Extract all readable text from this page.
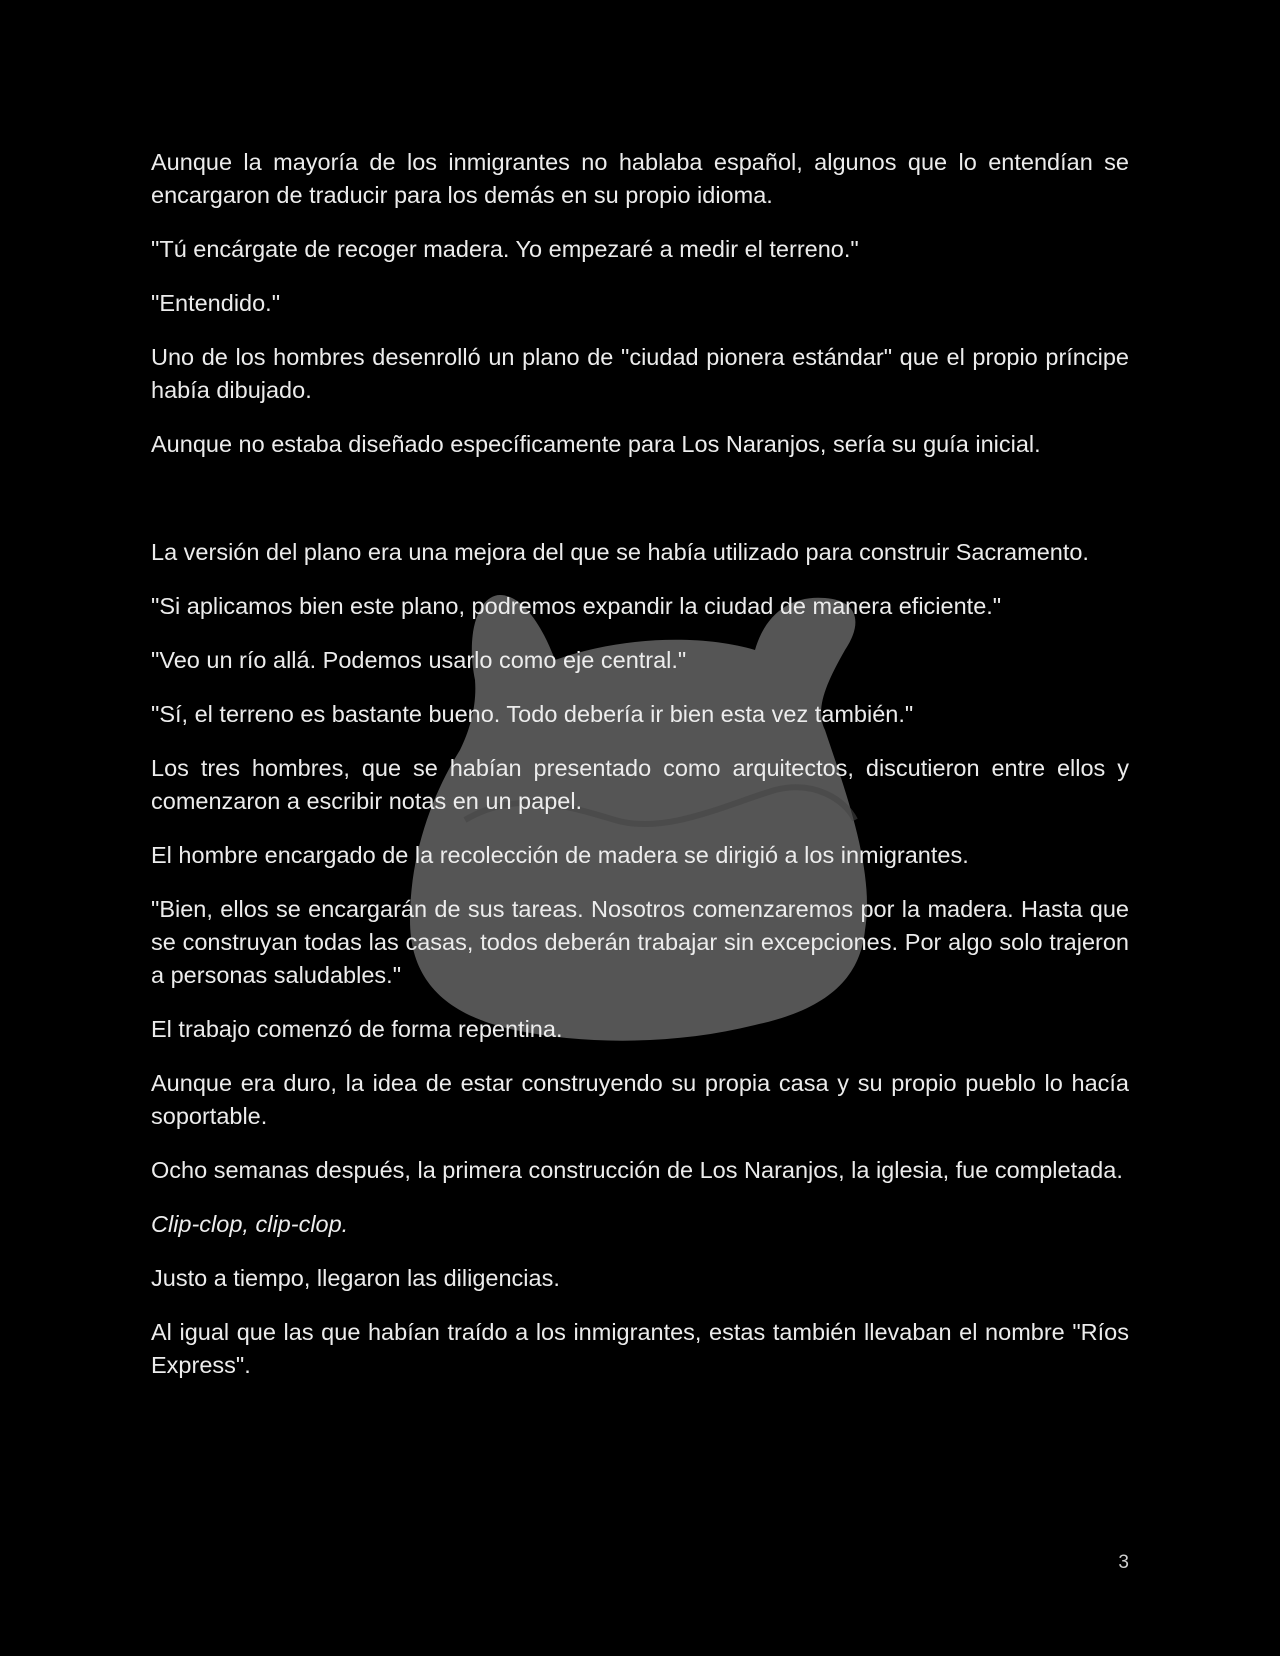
Aunque la mayoría de los inmigrantes no hablaba español, algunos que lo entendían se encargaron de traducir para los demás en su propio idioma.

"Tú encárgate de recoger madera. Yo empezaré a medir el terreno."

"Entendido."

Uno de los hombres desenrolló un plano de "ciudad pionera estándar" que el propio príncipe había dibujado.

Aunque no estaba diseñado específicamente para Los Naranjos, sería su guía inicial.

La versión del plano era una mejora del que se había utilizado para construir Sacramento.

"Si aplicamos bien este plano, podremos expandir la ciudad de manera eficiente."

"Veo un río allá. Podemos usarlo como eje central."

"Sí, el terreno es bastante bueno. Todo debería ir bien esta vez también."

Los tres hombres, que se habían presentado como arquitectos, discutieron entre ellos y comenzaron a escribir notas en un papel.

El hombre encargado de la recolección de madera se dirigió a los inmigrantes.

"Bien, ellos se encargarán de sus tareas. Nosotros comenzaremos por la madera. Hasta que se construyan todas las casas, todos deberán trabajar sin excepciones. Por algo solo trajeron a personas saludables."

El trabajo comenzó de forma repentina.

Aunque era duro, la idea de estar construyendo su propia casa y su propio pueblo lo hacía soportable.

Ocho semanas después, la primera construcción de Los Naranjos, la iglesia, fue completada.

Clip-clop, clip-clop.

Justo a tiempo, llegaron las diligencias.

Al igual que las que habían traído a los inmigrantes, estas también llevaban el nombre "Ríos Express".

3
